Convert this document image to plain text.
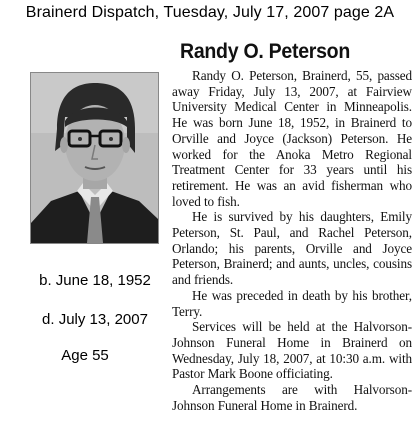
Brainerd Dispatch, Tuesday, July 17, 2007 page 2A
b. June 18, 1952
d. July 13, 2007
Age 55
Randy O. Peterson

Randy O. Peterson, Brainerd, 55, passed away Friday, July 13, 2007, at Fairview University Medical Center in Minneapolis. He was born June 18, 1952, in Brainerd to Orville and Joyce (Jackson) Peterson. He worked for the Anoka Metro Regional Treatment Center for 33 years until his retirement. He was an avid fisherman who loved to fish.

He is survived by his daughters, Emily Peterson, St. Paul, and Rachel Peterson, Orlando; his parents, Orville and Joyce Peterson, Brainerd; and aunts, uncles, cousins and friends.

He was preceded in death by his brother, Terry.

Services will be held at the Halvorson-Johnson Funeral Home in Brainerd on Wednesday, July 18, 2007, at 10:30 a.m. with Pastor Mark Boone officiating.

Arrangements are with Halvorson-Johnson Funeral Home in Brainerd.
